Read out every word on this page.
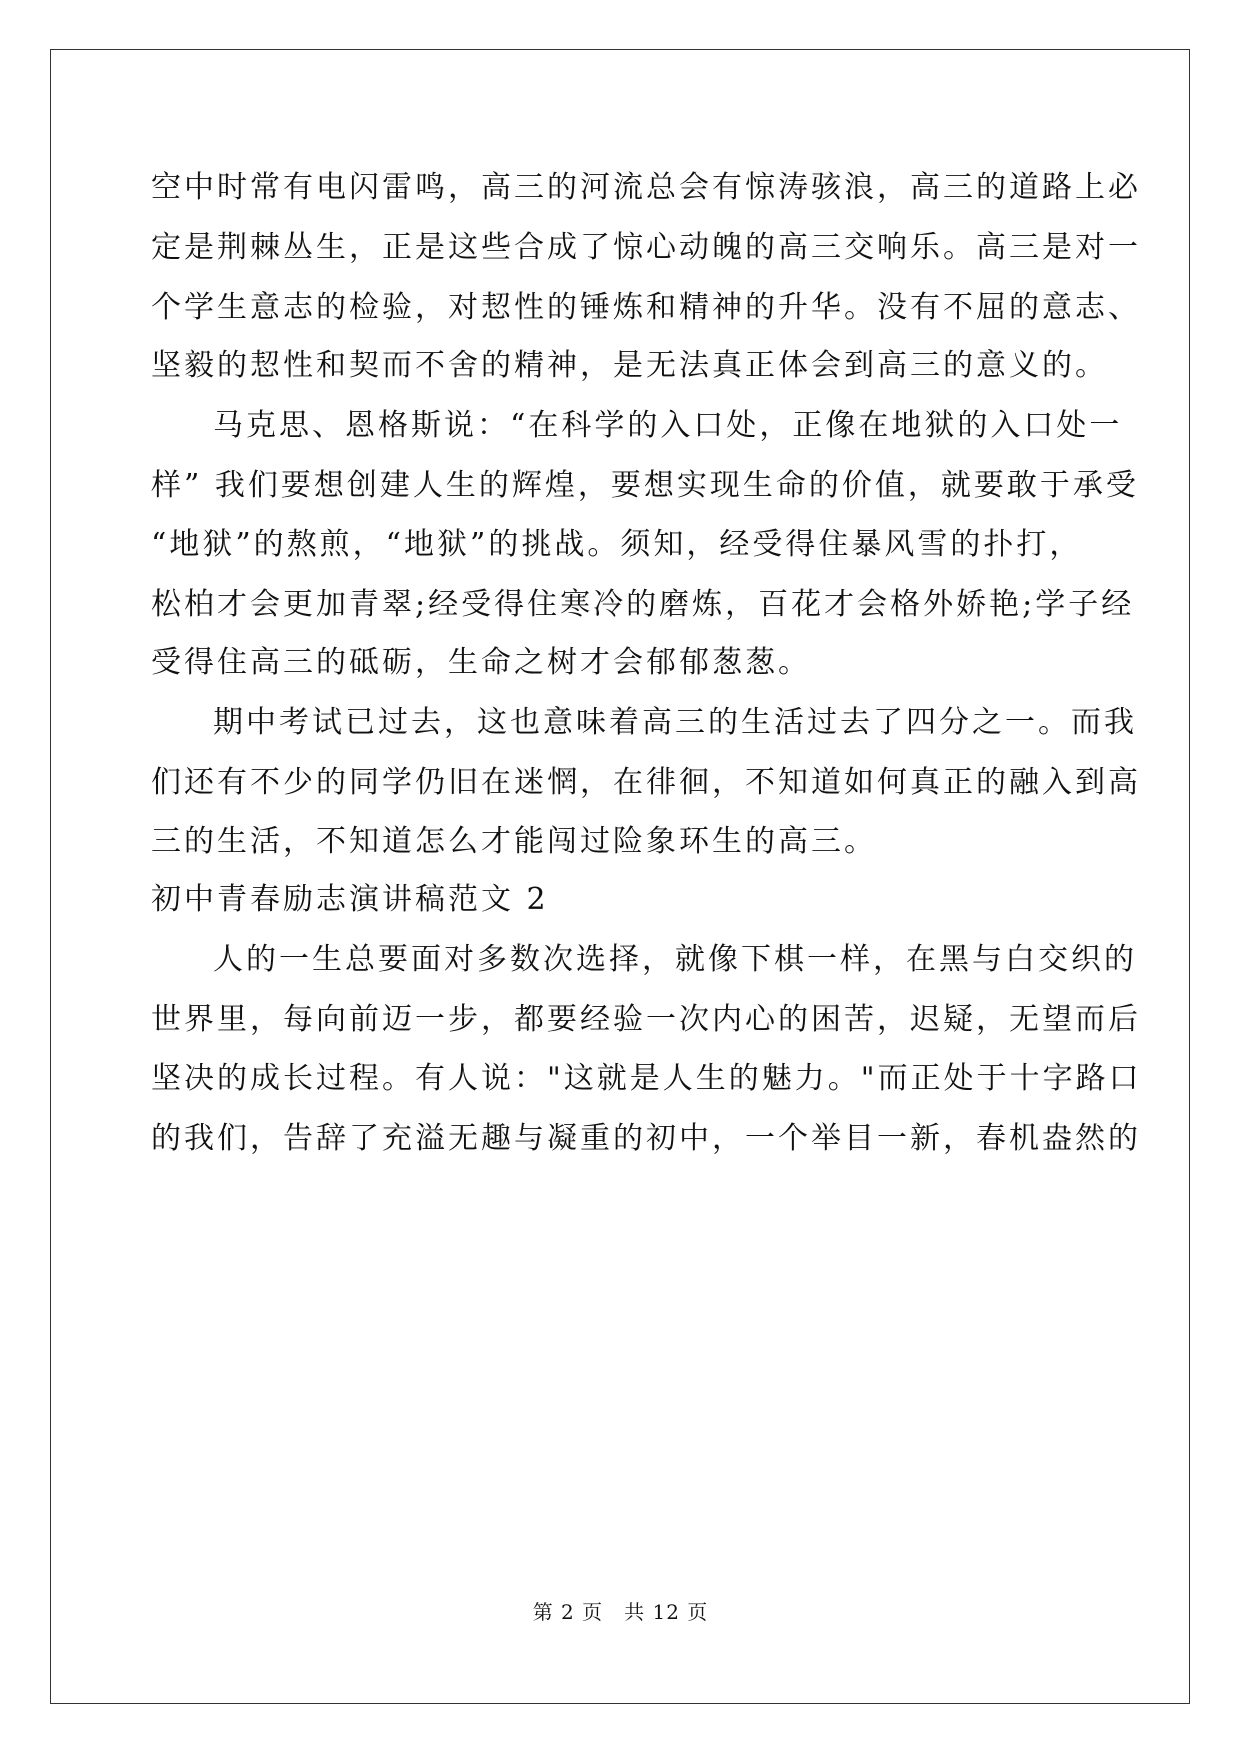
空中时常有电闪雷鸣，高三的河流总会有惊涛骇浪，高三的道路上必
定是荆棘丛生，正是这些合成了惊心动魄的高三交响乐。高三是对一
个学生意志的检验，对恝性的锤炼和精神的升华。没有不屈的意志、
坚毅的恝性和契而不舍的精神，是无法真正体会到高三的意义的。
马克思、恩格斯说：“在科学的入口处，正像在地狱的入口处一
样” 我们要想创建人生的辉煌，要想实现生命的价值，就要敢于承受
“地狱”的熬煎，“地狱”的挑战。须知，经受得住暴风雪的扑打，
松柏才会更加青翠;经受得住寒冷的磨炼，百花才会格外娇艳;学子经
受得住高三的砥砺，生命之树才会郁郁葱葱。
期中考试已过去，这也意味着高三的生活过去了四分之一。而我
们还有不少的同学仍旧在迷惘，在徘徊，不知道如何真正的融入到高
三的生活，不知道怎么才能闯过险象环生的高三。
初中青春励志演讲稿范文 2
人的一生总要面对多数次选择，就像下棋一样，在黑与白交织的
世界里，每向前迈一步，都要经验一次内心的困苦，迟疑，无望而后
坚决的成长过程。有人说："这就是人生的魅力。"而正处于十字路口
的我们，告辞了充溢无趣与凝重的初中，一个举目一新，春机盎然的
第 2 页　共 12 页
